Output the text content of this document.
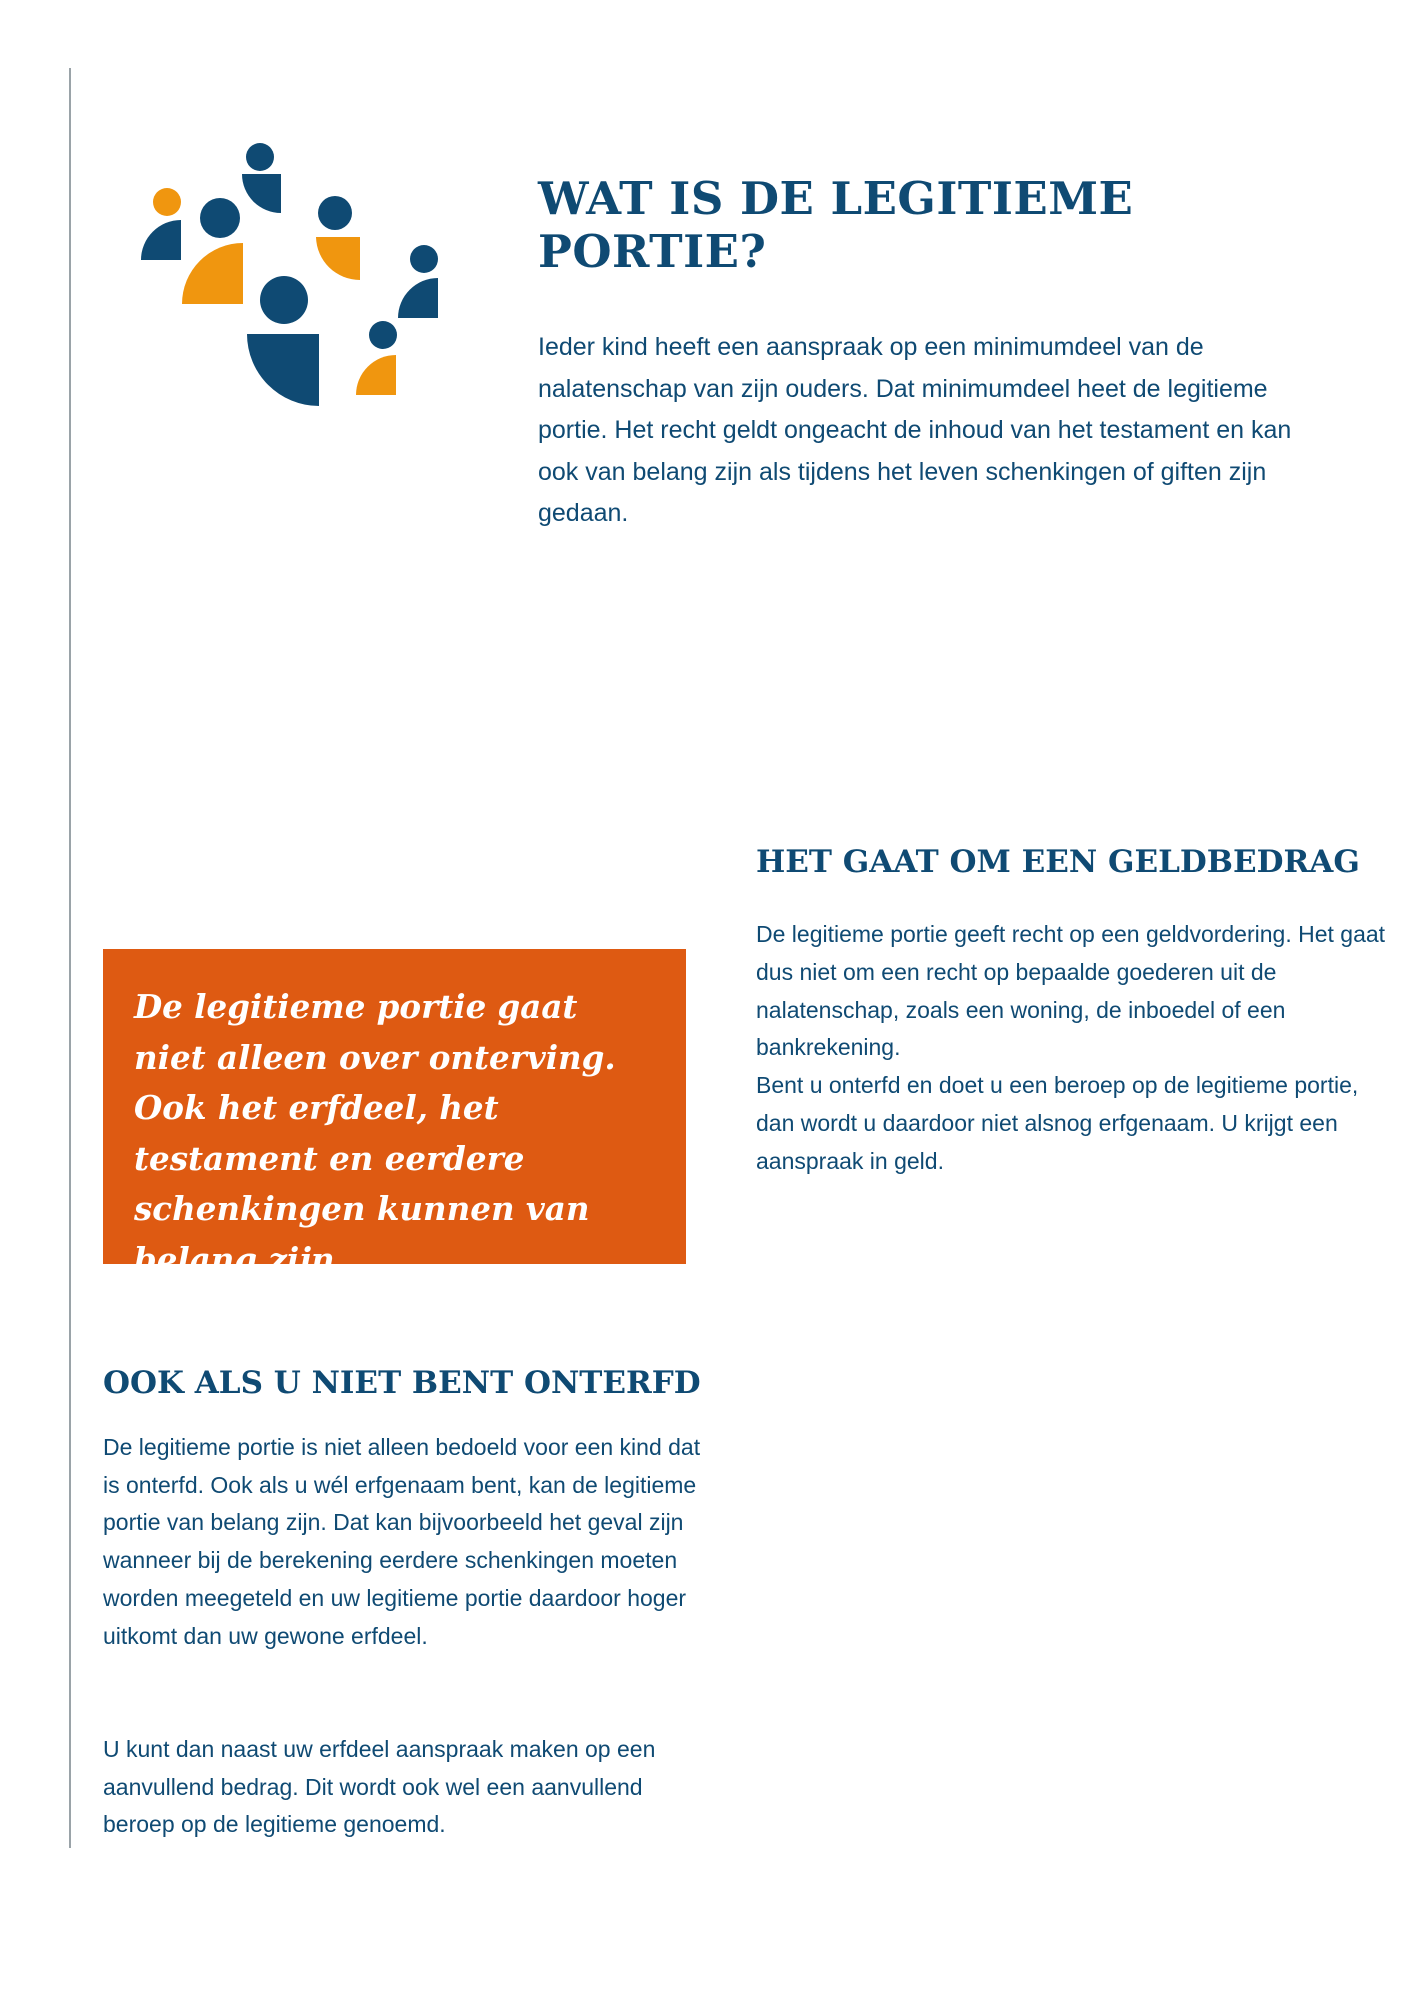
WAT IS DE LEGITIEME PORTIE?

Ieder kind heeft een aanspraak op een minimumdeel van de nalatenschap van zijn ouders. Dat minimumdeel heet de legitieme portie. Het recht geldt ongeacht de inhoud van het testament en kan ook van belang zijn als tijdens het leven schenkingen of giften zijn gedaan.

HET GAAT OM EEN GELDBEDRAG
De legitieme portie geeft recht op een geldvordering. Het gaat dus niet om een recht op bepaalde goederen uit de nalatenschap, zoals een woning, de inboedel of een bankrekening.
Bent u onterfd en doet u een beroep op de legitieme portie, dan wordt u daardoor niet alsnog erfgenaam. U krijgt een aanspraak in geld.

De legitieme portie gaat niet alleen over onterving. Ook het erfdeel, het testament en eerdere schenkingen kunnen van belang zijn.

OOK ALS U NIET BENT ONTERFD

De legitieme portie is niet alleen bedoeld voor een kind dat is onterfd. Ook als u wél erfgenaam bent, kan de legitieme portie van belang zijn. Dat kan bijvoorbeeld het geval zijn wanneer bij de berekening eerdere schenkingen moeten worden meegeteld en uw legitieme portie daardoor hoger uitkomt dan uw gewone erfdeel.

U kunt dan naast uw erfdeel aanspraak maken op een aanvullend bedrag. Dit wordt ook wel een aanvullend beroep op de legitieme genoemd.
